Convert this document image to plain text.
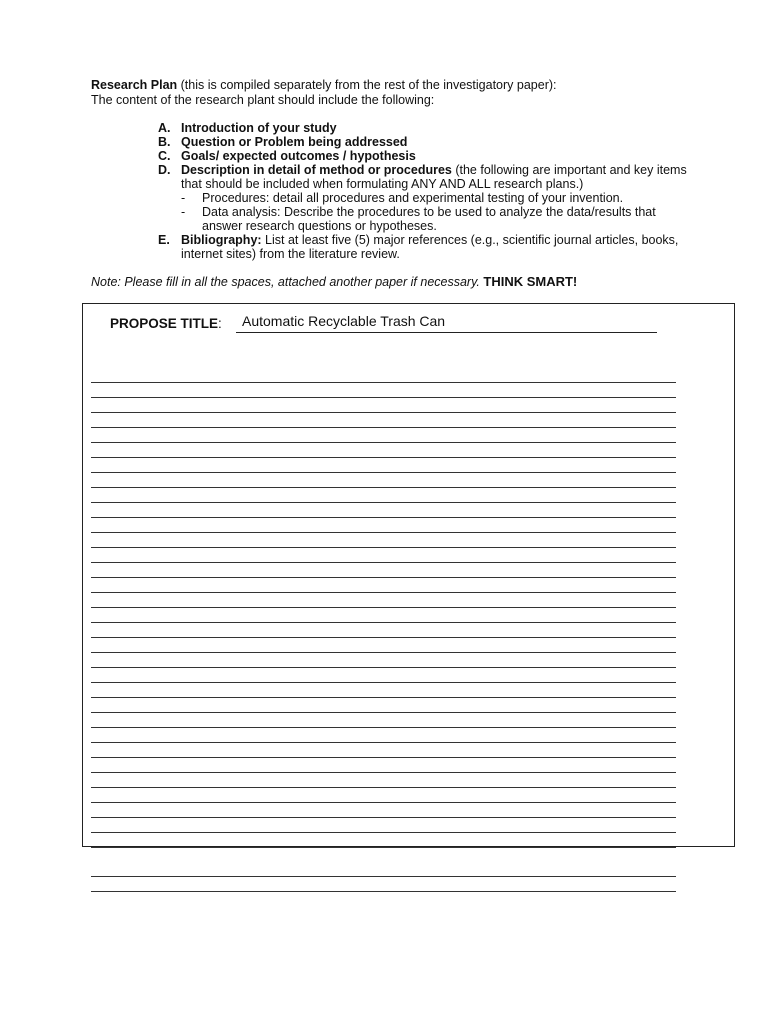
Research Plan (this is compiled separately from the rest of the investigatory paper):
The content of the research plant should include the following:
A. Introduction of your study
B. Question or Problem being addressed
C. Goals/ expected outcomes / hypothesis
D. Description in detail of method or procedures (the following are important and key items that should be included when formulating ANY AND ALL research plans.)
- Procedures: detail all procedures and experimental testing of your invention.
- Data analysis: Describe the procedures to be used to analyze the data/results that answer research questions or hypotheses.
E. Bibliography: List at least five (5) major references (e.g., scientific journal articles, books, internet sites) from the literature review.
Note: Please fill in all the spaces, attached another paper if necessary. THINK SMART!
PROPOSE TITLE: Automatic Recyclable Trash Can
